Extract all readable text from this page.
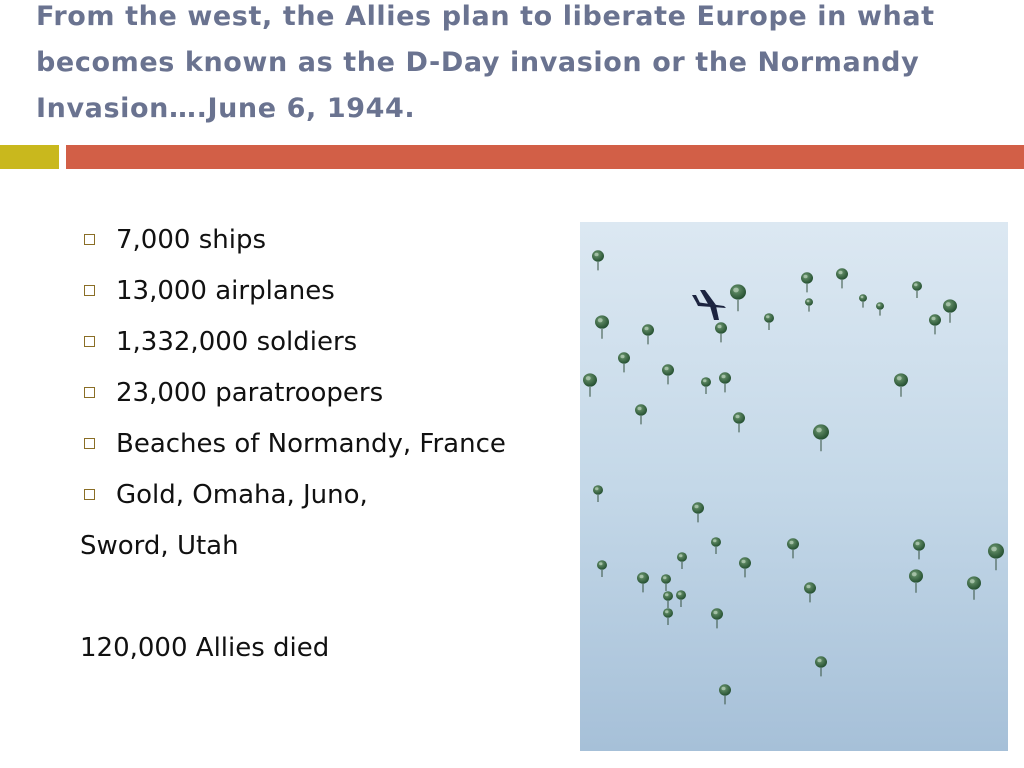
From the west, the Allies plan to liberate Europe in what becomes known as the D-Day invasion or the Normandy Invasion….June 6, 1944.
7,000 ships
13,000 airplanes
1,332,000 soldiers
23,000 paratroopers
Beaches of Normandy, France
Gold, Omaha, Juno,
Sword, Utah
120,000 Allies died
